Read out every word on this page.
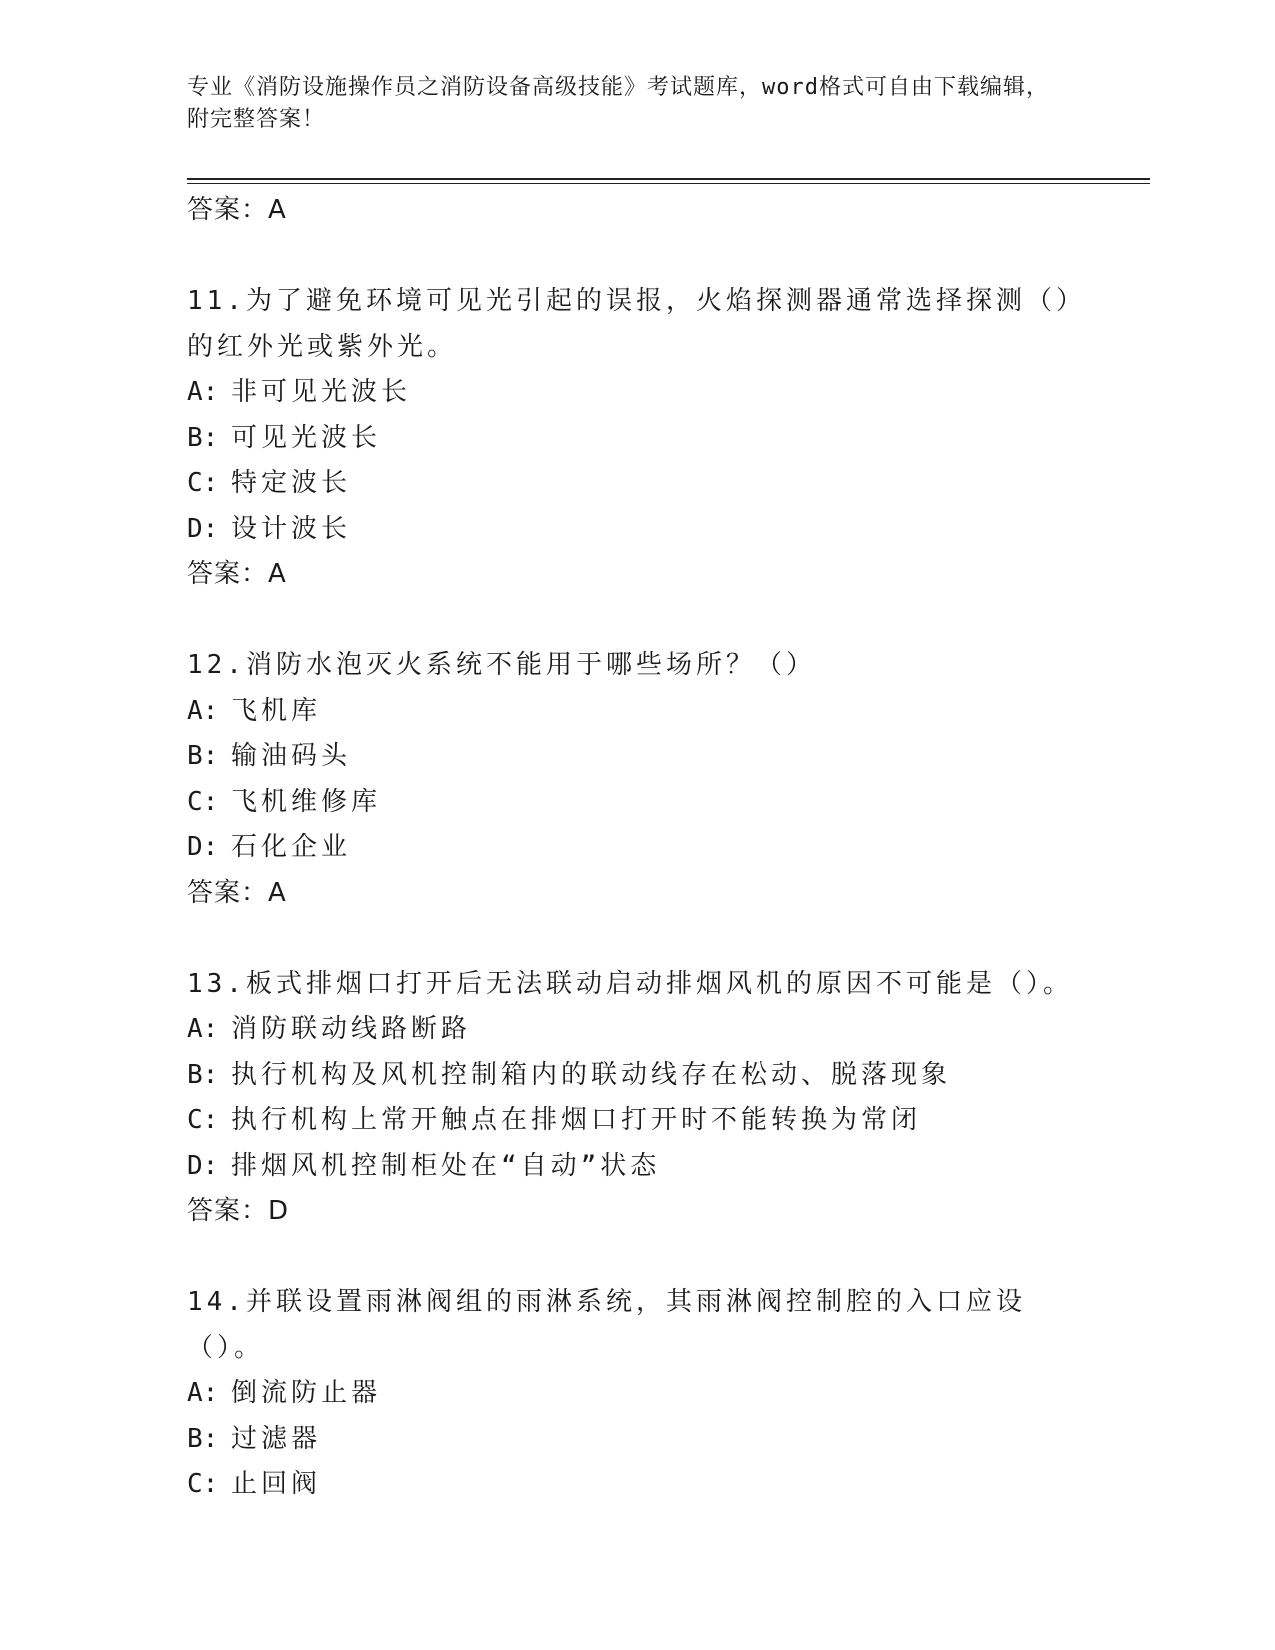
专业《消防设施操作员之消防设备高级技能》考试题库，word格式可自由下载编辑，附完整答案！
答案：A
11.为了避免环境可见光引起的误报，火焰探测器通常选择探测（）的红外光或紫外光。
A: 非可见光波长
B: 可见光波长
C: 特定波长
D: 设计波长
答案：A
12.消防水泡灭火系统不能用于哪些场所？（）
A: 飞机库
B: 输油码头
C: 飞机维修库
D: 石化企业
答案：A
13.板式排烟口打开后无法联动启动排烟风机的原因不可能是（）。
A: 消防联动线路断路
B: 执行机构及风机控制箱内的联动线存在松动、脱落现象
C: 执行机构上常开触点在排烟口打开时不能转换为常闭
D: 排烟风机控制柜处在“自动”状态
答案：D
14.并联设置雨淋阀组的雨淋系统，其雨淋阀控制腔的入口应设（）。
A: 倒流防止器
B: 过滤器
C: 止回阀
